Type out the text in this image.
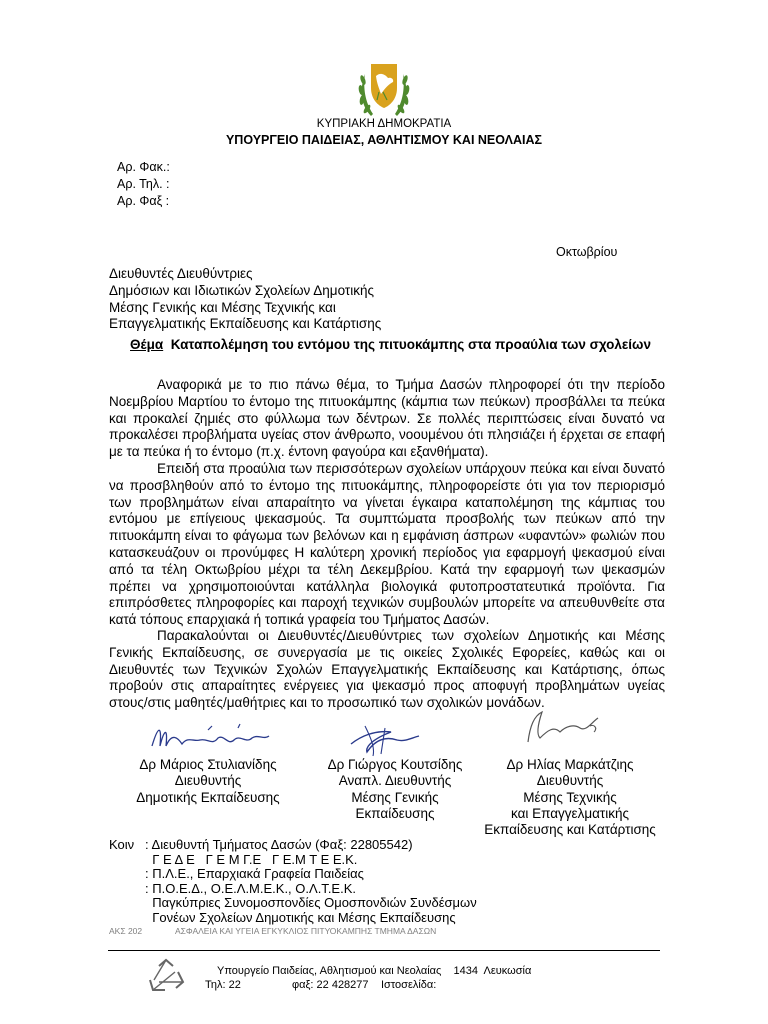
ΚΥΠΡΙΑΚΗ ΔΗΜΟΚΡΑΤΙΑ
ΥΠΟΥΡΓΕΙΟ ΠΑΙΔΕΙΑΣ, ΑΘΛΗΤΙΣΜΟΥ ΚΑΙ ΝΕΟΛΑΙΑΣ
Αρ. Φακ.:
Αρ. Τηλ. :
Αρ. Φαξ :
Οκτωβρίου
Διευθυντές Διευθύντριες
Δημόσιων και Ιδιωτικών Σχολείων Δημοτικής
Μέσης Γενικής και Μέσης Τεχνικής και
Επαγγελματικής Εκπαίδευσης και Κατάρτισης
Θέμα Καταπολέμηση του εντόμου της πιτυοκάμπης στα προαύλια των σχολείων
Αναφορικά με το πιο πάνω θέμα, το Τμήμα Δασών πληροφορεί ότι την περίοδο Νοεμβρίου Μαρτίου το έντομο της πιτυοκάμπης (κάμπια των πεύκων) προσβάλλει τα πεύκα και προκαλεί ζημιές στο φύλλωμα των δέντρων. Σε πολλές περιπτώσεις είναι δυνατό να προκαλέσει προβλήματα υγείας στον άνθρωπο, νοουμένου ότι πλησιάζει ή έρχεται σε επαφή με τα πεύκα ή το έντομο (π.χ. έντονη φαγούρα και εξανθήματα).
Επειδή στα προαύλια των περισσότερων σχολείων υπάρχουν πεύκα και είναι δυνατό να προσβληθούν από το έντομο της πιτυοκάμπης, πληροφορείστε ότι για τον περιορισμό των προβλημάτων είναι απαραίτητο να γίνεται έγκαιρα καταπολέμηση της κάμπιας του εντόμου με επίγειους ψεκασμούς. Τα συμπτώματα προσβολής των πεύκων από την πιτυοκάμπη είναι το φάγωμα των βελόνων και η εμφάνιση άσπρων «υφαντών» φωλιών που κατασκευάζουν οι προνύμφες Η καλύτερη χρονική περίοδος για εφαρμογή ψεκασμού είναι από τα τέλη Οκτωβρίου μέχρι τα τέλη Δεκεμβρίου. Κατά την εφαρμογή των ψεκασμών πρέπει να χρησιμοποιούνται κατάλληλα βιολογικά φυτοπροστατευτικά προϊόντα. Για επιπρόσθετες πληροφορίες και παροχή τεχνικών συμβουλών μπορείτε να απευθυνθείτε στα κατά τόπους επαρχιακά ή τοπικά γραφεία του Τμήματος Δασών.
Παρακαλούνται οι Διευθυντές/Διευθύντριες των σχολείων Δημοτικής και Μέσης Γενικής Εκπαίδευσης, σε συνεργασία με τις οικείες Σχολικές Εφορείες, καθώς και οι Διευθυντές των Τεχνικών Σχολών Επαγγελματικής Εκπαίδευσης και Κατάρτισης, όπως προβούν στις απαραίτητες ενέργειες για ψεκασμό προς αποφυγή προβλημάτων υγείας στους/στις μαθητές/μαθήτριες και το προσωπικό των σχολικών μονάδων.
Δρ Μάριος Στυλιανίδης
Διευθυντής
Δημοτικής Εκπαίδευσης
Δρ Γιώργος Κουτσίδης
Αναπλ. Διευθυντής
Μέσης Γενικής
Εκπαίδευσης
Δρ Ηλίας Μαρκάτζιης
Διευθυντής
Μέσης Τεχνικής
και Επαγγελματικής
Εκπαίδευσης και Κατάρτισης
Κοιν : Διευθυντή Τμήματος Δασών (Φαξ: 22805542)
Γ Ε Δ Ε   Γ Ε Μ Γ.Ε   Γ Ε.Μ Τ Ε Ε.Κ.
: Π.Λ.Ε., Επαρχιακά Γραφεία Παιδείας
: Π.Ο.Ε.Δ., Ο.Ε.Λ.Μ.Ε.Κ., Ο.Λ.Τ.Ε.Κ.
Παγκύπριες Συνομοσπονδίες Ομοσπονδιών Συνδέσμων
Γονέων Σχολείων Δημοτικής και Μέσης Εκπαίδευσης
ΑΚΣ 202	ΑΣΦΑΛΕΙΑ ΚΑΙ ΥΓΕΙΑ ΕΓΚΥΚΛΙΟΣ ΠΙΤΥΟΚΑΜΠΗΣ ΤΜΗΜΑ ΔΑΣΩΝ
Υπουργείο Παιδείας, Αθλητισμού και Νεολαίας    1434  Λευκωσία
Τηλ: 22	φαξ: 22 428277 Ιστοσελίδα:
